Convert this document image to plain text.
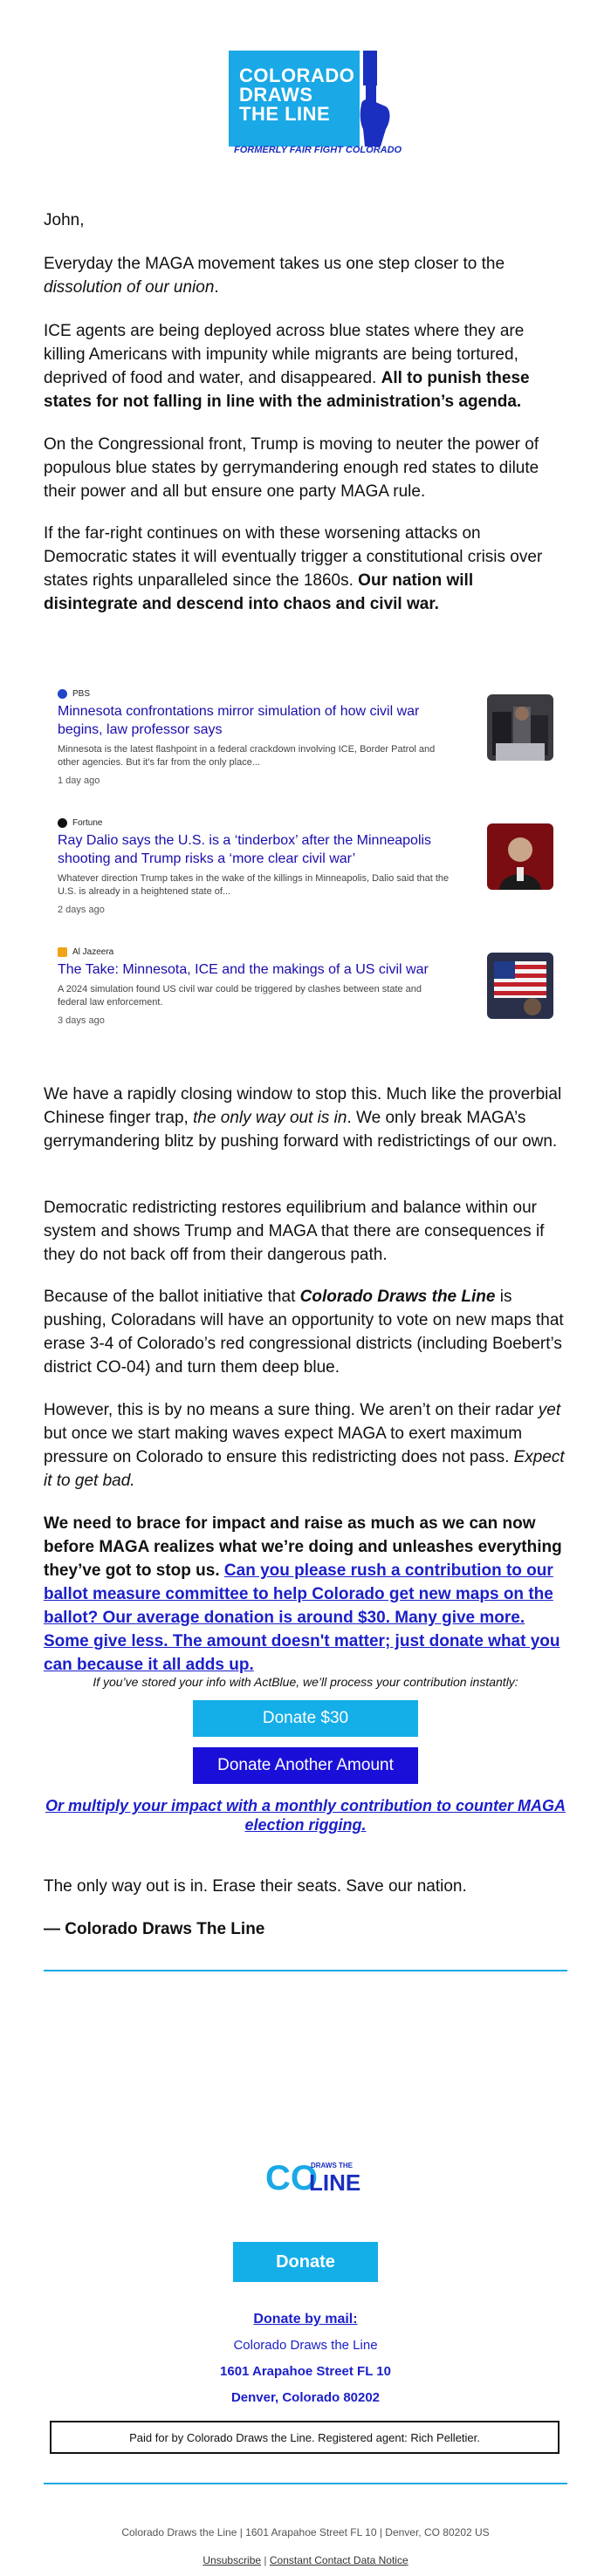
COLORADO
DRAWS
THE LINE
FORMERLY FAIR FIGHT COLORADO
John,

Everyday the MAGA movement takes us one step closer to the dissolution of our union.

ICE agents are being deployed across blue states where they are killing Americans with impunity while migrants are being tortured, deprived of food and water, and disappeared. All to punish these states for not falling in line with the administration’s agenda.

On the Congressional front, Trump is moving to neuter the power of populous blue states by gerrymandering enough red states to dilute their power and all but ensure one party MAGA rule.

If the far-right continues on with these worsening attacks on Democratic states it will eventually trigger a constitutional crisis over states rights unparalleled since the 1860s. Our nation will disintegrate and descend into chaos and civil war.

PBS
Minnesota confrontations mirror simulation of how civil war begins, law professor says
Minnesota is the latest flashpoint in a federal crackdown involving ICE, Border Patrol and other agencies. But it's far from the only place...
1 day ago
Fortune
Ray Dalio says the U.S. is a ‘tinderbox’ after the Minneapolis shooting and Trump risks a ‘more clear civil war’
Whatever direction Trump takes in the wake of the killings in Minneapolis, Dalio said that the U.S. is already in a heightened state of...
2 days ago
Al Jazeera
The Take: Minnesota, ICE and the makings of a US civil war
A 2024 simulation found US civil war could be triggered by clashes between state and federal law enforcement.
3 days ago

We have a rapidly closing window to stop this. Much like the proverbial Chinese finger trap, the only way out is in. We only break MAGA’s gerrymandering blitz by pushing forward with redistrictings of our own.

Democratic redistricting restores equilibrium and balance within our system and shows Trump and MAGA that there are consequences if they do not back off from their dangerous path.

Because of the ballot initiative that Colorado Draws the Line is pushing, Coloradans will have an opportunity to vote on new maps that erase 3-4 of Colorado’s red congressional districts (including Boebert’s district CO-04) and turn them deep blue.

However, this is by no means a sure thing. We aren’t on their radar yet but once we start making waves expect MAGA to exert maximum pressure on Colorado to ensure this redistricting does not pass. Expect it to get bad.

We need to brace for impact and raise as much as we can now before MAGA realizes what we’re doing and unleashes everything they’ve got to stop us. Can you please rush a contribution to our ballot measure committee to help Colorado get new maps on the ballot? Our average donation is around $30. Many give more. Some give less. The amount doesn't matter; just donate what you can because it all adds up.

If you’ve stored your info with ActBlue, we’ll process your contribution instantly:
Donate $30
Donate Another Amount
Or multiply your impact with a monthly contribution to counter MAGA election rigging.
The only way out is in. Erase their seats. Save our nation.
— Colorado Draws The Line
CO
DRAWS THE
LINE
Donate
Donate by mail:
Colorado Draws the Line
1601 Arapahoe Street FL 10
Denver, Colorado 80202
Paid for by Colorado Draws the Line. Registered agent: Rich Pelletier.
Colorado Draws the Line | 1601 Arapahoe Street FL 10 | Denver, CO 80202 US
Unsubscribe | Constant Contact Data Notice
